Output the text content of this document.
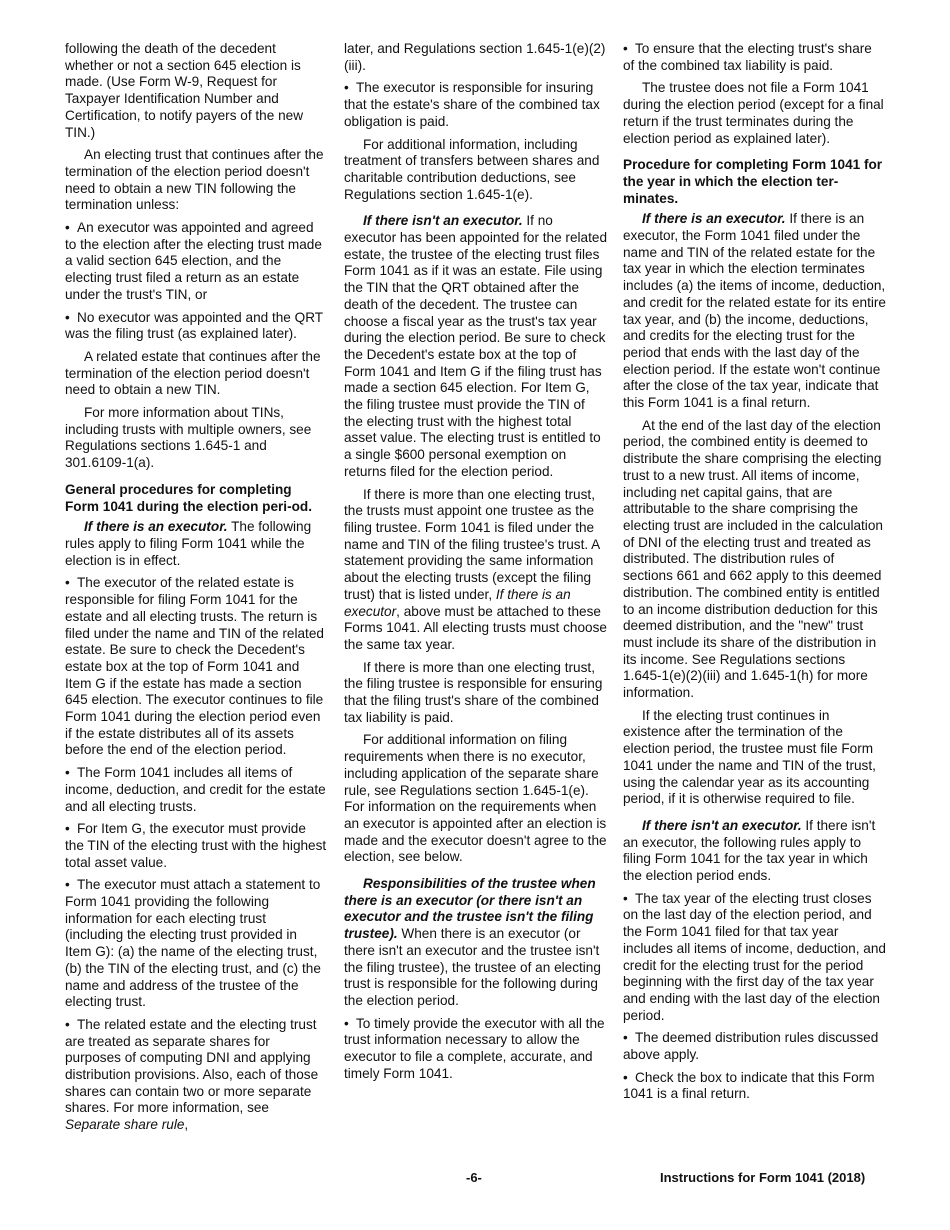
following the death of the decedent whether or not a section 645 election is made. (Use Form W-9, Request for Taxpayer Identification Number and Certification, to notify payers of the new TIN.)

An electing trust that continues after the termination of the election period doesn't need to obtain a new TIN following the termination unless:

• An executor was appointed and agreed to the election after the electing trust made a valid section 645 election, and the electing trust filed a return as an estate under the trust's TIN, or

• No executor was appointed and the QRT was the filing trust (as explained later).

A related estate that continues after the termination of the election period doesn't need to obtain a new TIN.

For more information about TINs, including trusts with multiple owners, see Regulations sections 1.645-1 and 301.6109-1(a).

General procedures for completing Form 1041 during the election peri-od.

If there is an executor. The following rules apply to filing Form 1041 while the election is in effect.

• The executor of the related estate is responsible for filing Form 1041 for the estate and all electing trusts. The return is filed under the name and TIN of the related estate. Be sure to check the Decedent's estate box at the top of Form 1041 and Item G if the estate has made a section 645 election. The executor continues to file Form 1041 during the election period even if the estate distributes all of its assets before the end of the election period.

• The Form 1041 includes all items of income, deduction, and credit for the estate and all electing trusts.

• For Item G, the executor must provide the TIN of the electing trust with the highest total asset value.

• The executor must attach a statement to Form 1041 providing the following information for each electing trust (including the electing trust provided in Item G): (a) the name of the electing trust, (b) the TIN of the electing trust, and (c) the name and address of the trustee of the electing trust.

• The related estate and the electing trust are treated as separate shares for purposes of computing DNI and applying distribution provisions. Also, each of those shares can contain two or more separate shares. For more information, see Separate share rule,

later, and Regulations section 1.645-1(e)(2)(iii).

• The executor is responsible for insuring that the estate's share of the combined tax obligation is paid.

For additional information, including treatment of transfers between shares and charitable contribution deductions, see Regulations section 1.645-1(e).

If there isn't an executor. If no executor has been appointed for the related estate, the trustee of the electing trust files Form 1041 as if it was an estate. File using the TIN that the QRT obtained after the death of the decedent. The trustee can choose a fiscal year as the trust's tax year during the election period. Be sure to check the Decedent's estate box at the top of Form 1041 and Item G if the filing trust has made a section 645 election. For Item G, the filing trustee must provide the TIN of the electing trust with the highest total asset value. The electing trust is entitled to a single $600 personal exemption on returns filed for the election period.

If there is more than one electing trust, the trusts must appoint one trustee as the filing trustee. Form 1041 is filed under the name and TIN of the filing trustee's trust. A statement providing the same information about the electing trusts (except the filing trust) that is listed under, If there is an executor, above must be attached to these Forms 1041. All electing trusts must choose the same tax year.

If there is more than one electing trust, the filing trustee is responsible for ensuring that the filing trust's share of the combined tax liability is paid.

For additional information on filing requirements when there is no executor, including application of the separate share rule, see Regulations section 1.645-1(e). For information on the requirements when an executor is appointed after an election is made and the executor doesn't agree to the election, see below.

Responsibilities of the trustee when there is an executor (or there isn't an executor and the trustee isn't the filing trustee). When there is an executor (or there isn't an executor and the trustee isn't the filing trustee), the trustee of an electing trust is responsible for the following during the election period.

• To timely provide the executor with all the trust information necessary to allow the executor to file a complete, accurate, and timely Form 1041.

• To ensure that the electing trust's share of the combined tax liability is paid.

The trustee does not file a Form 1041 during the election period (except for a final return if the trust terminates during the election period as explained later).

Procedure for completing Form 1041 for the year in which the election ter-minates.

If there is an executor. If there is an executor, the Form 1041 filed under the name and TIN of the related estate for the tax year in which the election terminates includes (a) the items of income, deduction, and credit for the related estate for its entire tax year, and (b) the income, deductions, and credits for the electing trust for the period that ends with the last day of the election period. If the estate won't continue after the close of the tax year, indicate that this Form 1041 is a final return.

At the end of the last day of the election period, the combined entity is deemed to distribute the share comprising the electing trust to a new trust. All items of income, including net capital gains, that are attributable to the share comprising the electing trust are included in the calculation of DNI of the electing trust and treated as distributed. The distribution rules of sections 661 and 662 apply to this deemed distribution. The combined entity is entitled to an income distribution deduction for this deemed distribution, and the "new" trust must include its share of the distribution in its income. See Regulations sections 1.645-1(e)(2)(iii) and 1.645-1(h) for more information.

If the electing trust continues in existence after the termination of the election period, the trustee must file Form 1041 under the name and TIN of the trust, using the calendar year as its accounting period, if it is otherwise required to file.

If there isn't an executor. If there isn't an executor, the following rules apply to filing Form 1041 for the tax year in which the election period ends.

• The tax year of the electing trust closes on the last day of the election period, and the Form 1041 filed for that tax year includes all items of income, deduction, and credit for the electing trust for the period beginning with the first day of the tax year and ending with the last day of the election period.

• The deemed distribution rules discussed above apply.

• Check the box to indicate that this Form 1041 is a final return.

-6-	Instructions for Form 1041 (2018)
